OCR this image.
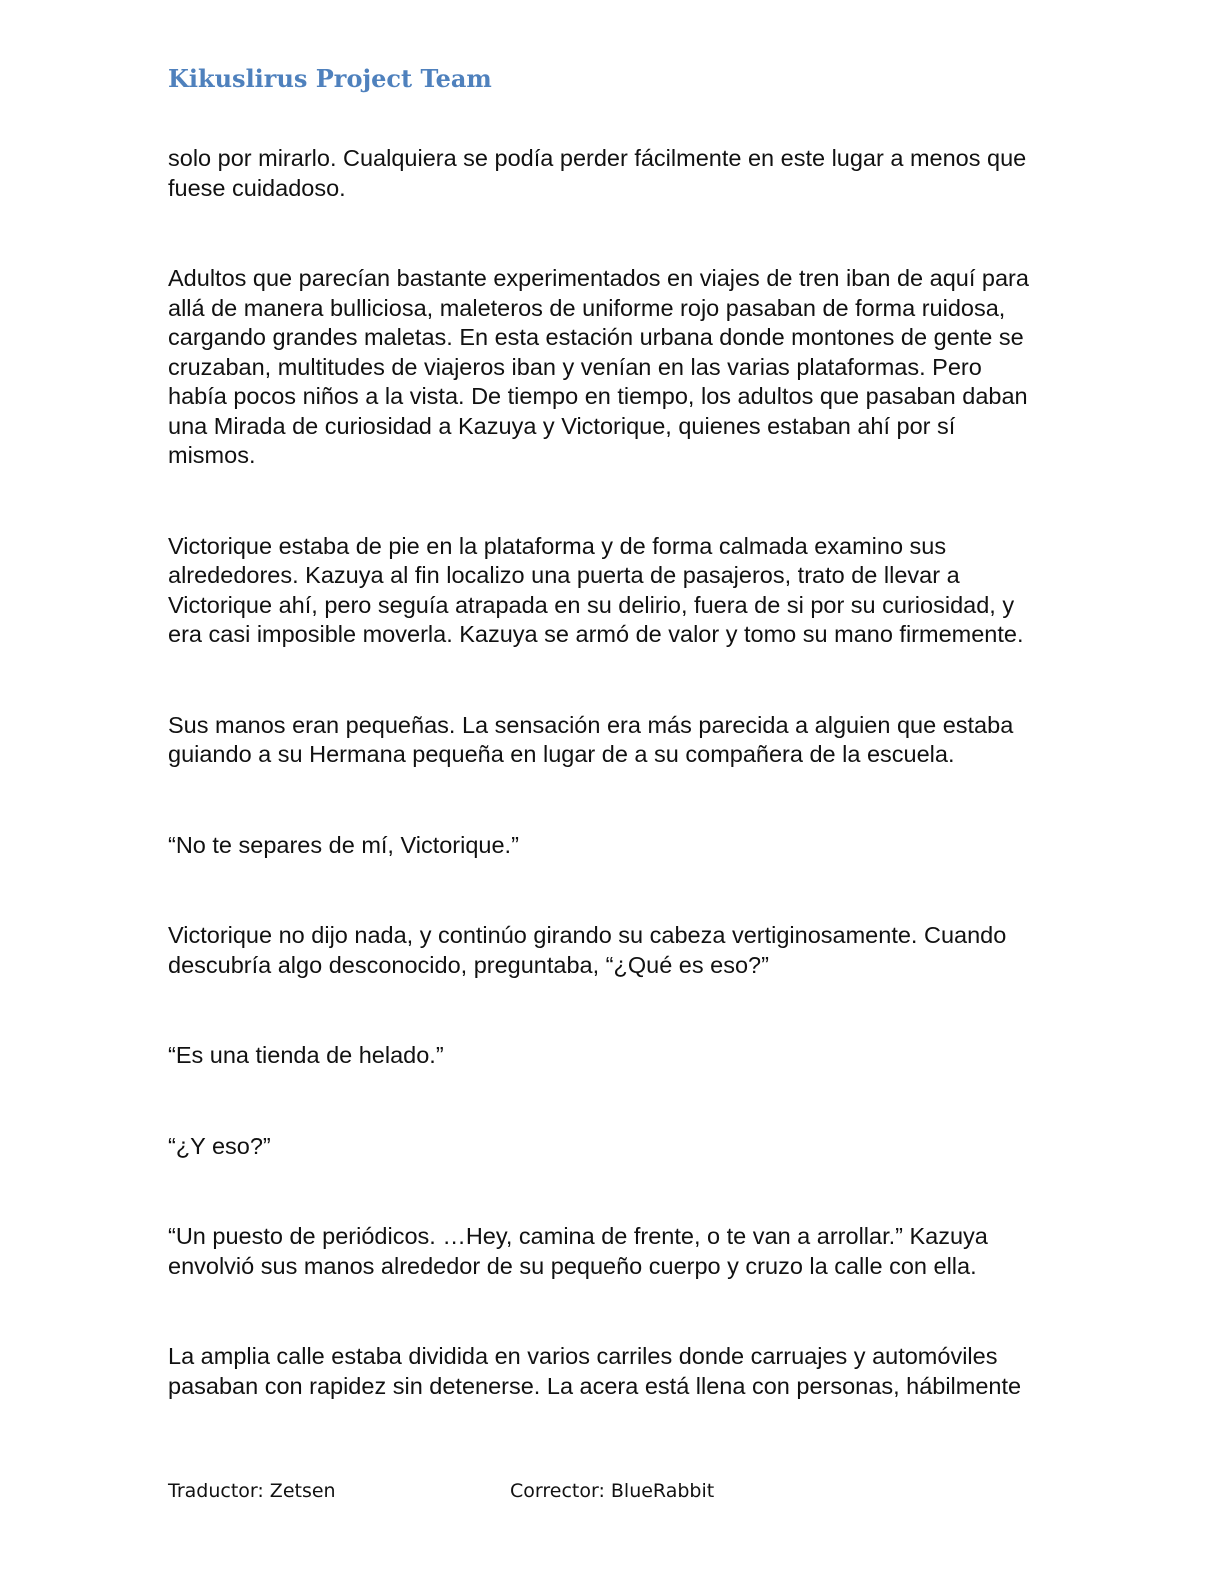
Kikuslirus Project Team

solo por mirarlo. Cualquiera se podía perder fácilmente en este lugar a menos que
fuese cuidadoso.

Adultos que parecían bastante experimentados en viajes de tren iban de aquí para
allá de manera bulliciosa, maleteros de uniforme rojo pasaban de forma ruidosa,
cargando grandes maletas. En esta estación urbana donde montones de gente se
cruzaban, multitudes de viajeros iban y venían en las varias plataformas. Pero
había pocos niños a la vista. De tiempo en tiempo, los adultos que pasaban daban
una Mirada de curiosidad a Kazuya y Victorique, quienes estaban ahí por sí
mismos.

Victorique estaba de pie en la plataforma y de forma calmada examino sus
alrededores. Kazuya al fin localizo una puerta de pasajeros, trato de llevar a
Victorique ahí, pero seguía atrapada en su delirio, fuera de si por su curiosidad, y
era casi imposible moverla. Kazuya se armó de valor y tomo su mano firmemente.

Sus manos eran pequeñas. La sensación era más parecida a alguien que estaba
guiando a su Hermana pequeña en lugar de a su compañera de la escuela.

“No te separes de mí, Victorique.”

Victorique no dijo nada, y continúo girando su cabeza vertiginosamente. Cuando
descubría algo desconocido, preguntaba, “¿Qué es eso?”

“Es una tienda de helado.”

“¿Y eso?”

“Un puesto de periódicos. …Hey, camina de frente, o te van a arrollar.” Kazuya
envolvió sus manos alrededor de su pequeño cuerpo y cruzo la calle con ella.

La amplia calle estaba dividida en varios carriles donde carruajes y automóviles
pasaban con rapidez sin detenerse. La acera está llena con personas, hábilmente

Traductor: Zetsen	Corrector: BlueRabbit
